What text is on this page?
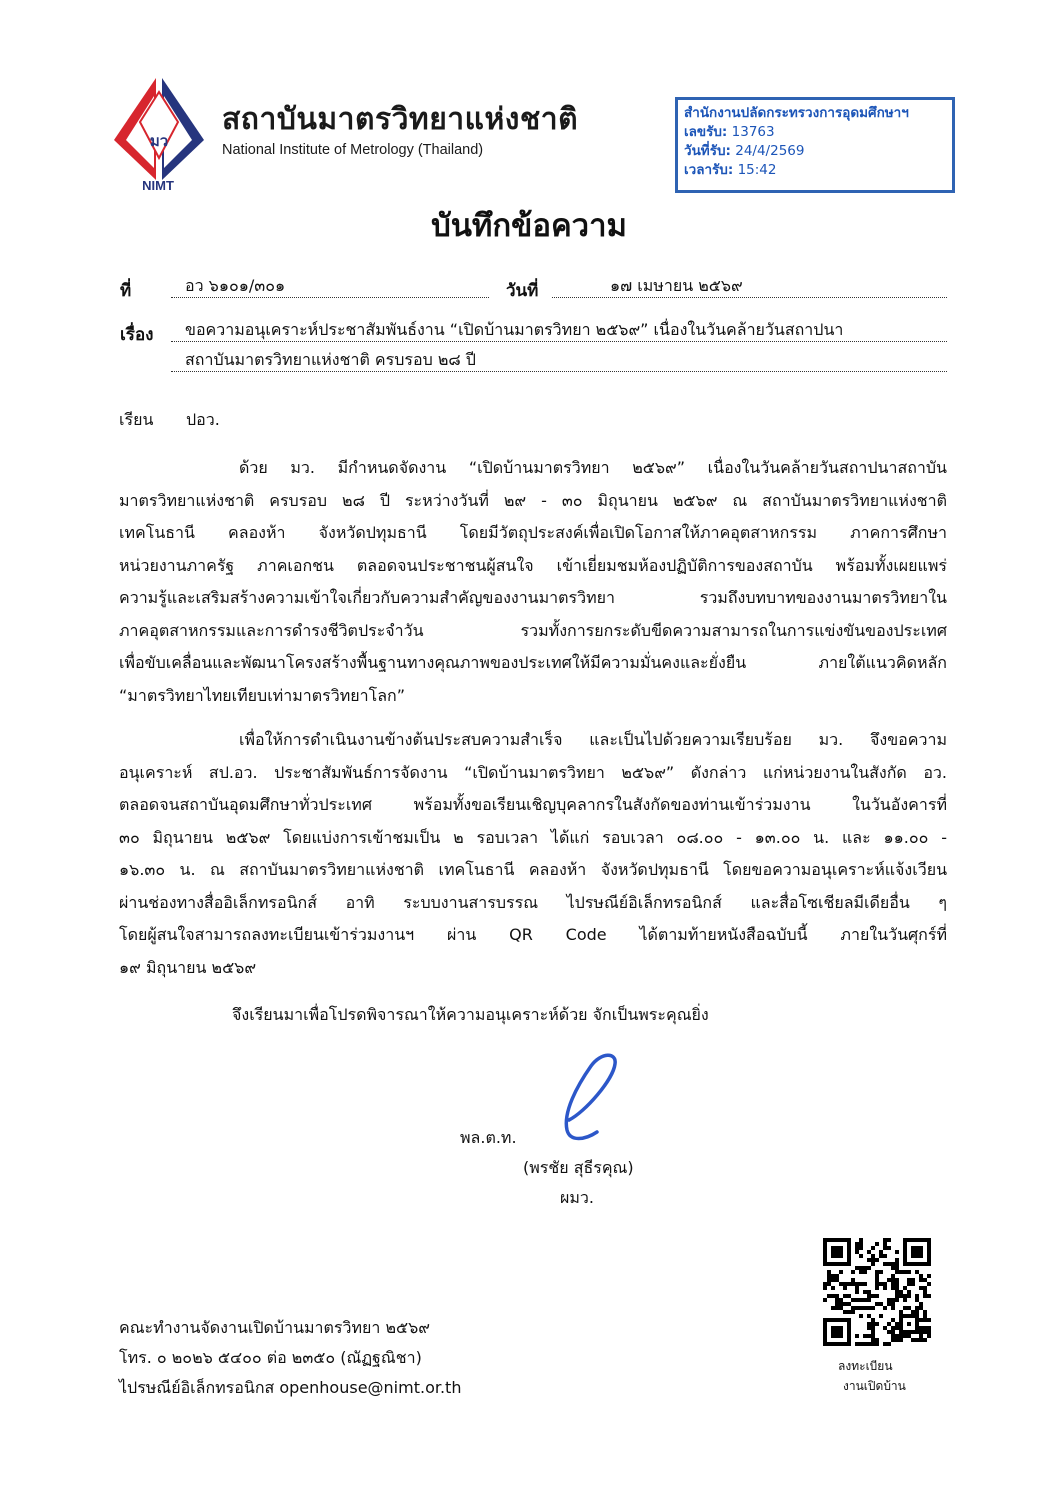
มว
NIMT
สถาบันมาตรวิทยาแห่งชาติ
National Institute of Metrology (Thailand)
สำนักงานปลัดกระทรวงการอุดมศึกษาฯ
เลขรับ: 13763
วันที่รับ: 24/4/2569
เวลารับ: 15:42
บันทึกข้อความ
ที่	อว ๖๑๐๑/๓๐๑	วันที่	๑๗ เมษายน ๒๕๖๙
เรื่อง	ขอความอนุเคราะห์ประชาสัมพันธ์งาน “เปิดบ้านมาตรวิทยา ๒๕๖๙” เนื่องในวันคล้ายวันสถาปนา
สถาบันมาตรวิทยาแห่งชาติ ครบรอบ ๒๘ ปี
เรียน ปอว.
ด้วย มว. มีกำหนดจัดงาน “เปิดบ้านมาตรวิทยา ๒๕๖๙” เนื่องในวันคล้ายวันสถาปนาสถาบัน
มาตรวิทยาแห่งชาติ ครบรอบ ๒๘ ปี ระหว่างวันที่ ๒๙ - ๓๐ มิถุนายน ๒๕๖๙ ณ สถาบันมาตรวิทยาแห่งชาติ
เทคโนธานี คลองห้า จังหวัดปทุมธานี โดยมีวัตถุประสงค์เพื่อเปิดโอกาสให้ภาคอุตสาหกรรม ภาคการศึกษา
หน่วยงานภาครัฐ ภาคเอกชน ตลอดจนประชาชนผู้สนใจ เข้าเยี่ยมชมห้องปฏิบัติการของสถาบัน พร้อมทั้งเผยแพร่
ความรู้และเสริมสร้างความเข้าใจเกี่ยวกับความสำคัญของงานมาตรวิทยา รวมถึงบทบาทของงานมาตรวิทยาใน
ภาคอุตสาหกรรมและการดำรงชีวิตประจำวัน รวมทั้งการยกระดับขีดความสามารถในการแข่งขันของประเทศ
เพื่อขับเคลื่อนและพัฒนาโครงสร้างพื้นฐานทางคุณภาพของประเทศให้มีความมั่นคงและยั่งยืน ภายใต้แนวคิดหลัก
“มาตรวิทยาไทยเทียบเท่ามาตรวิทยาโลก”
เพื่อให้การดำเนินงานข้างต้นประสบความสำเร็จ และเป็นไปด้วยความเรียบร้อย มว. จึงขอความ
อนุเคราะห์ สป.อว. ประชาสัมพันธ์การจัดงาน “เปิดบ้านมาตรวิทยา ๒๕๖๙” ดังกล่าว แก่หน่วยงานในสังกัด อว.
ตลอดจนสถาบันอุดมศึกษาทั่วประเทศ พร้อมทั้งขอเรียนเชิญบุคลากรในสังกัดของท่านเข้าร่วมงาน ในวันอังคารที่
๓๐ มิถุนายน ๒๕๖๙ โดยแบ่งการเข้าชมเป็น ๒ รอบเวลา ได้แก่ รอบเวลา ๐๘.๐๐ - ๑๓.๐๐ น. และ ๑๑.๐๐ -
๑๖.๓๐ น. ณ สถาบันมาตรวิทยาแห่งชาติ เทคโนธานี คลองห้า จังหวัดปทุมธานี โดยขอความอนุเคราะห์แจ้งเวียน
ผ่านช่องทางสื่ออิเล็กทรอนิกส์ อาทิ ระบบงานสารบรรณ ไปรษณีย์อิเล็กทรอนิกส์ และสื่อโซเชียลมีเดียอื่น ๆ
โดยผู้สนใจสามารถลงทะเบียนเข้าร่วมงานฯ ผ่าน QR Code ได้ตามท้ายหนังสือฉบับนี้ ภายในวันศุกร์ที่
๑๙ มิถุนายน ๒๕๖๙
จึงเรียนมาเพื่อโปรดพิจารณาให้ความอนุเคราะห์ด้วย จักเป็นพระคุณยิ่ง
พล.ต.ท.
(พรชัย สุธีรคุณ)
ผมว.
ลงทะเบียน
งานเปิดบ้าน
คณะทำงานจัดงานเปิดบ้านมาตรวิทยา ๒๕๖๙
โทร. ๐ ๒๐๒๖ ๕๔๐๐ ต่อ ๒๓๕๐ (ณัฏฐณิชา)
ไปรษณีย์อิเล็กทรอนิกส openhouse@nimt.or.th
